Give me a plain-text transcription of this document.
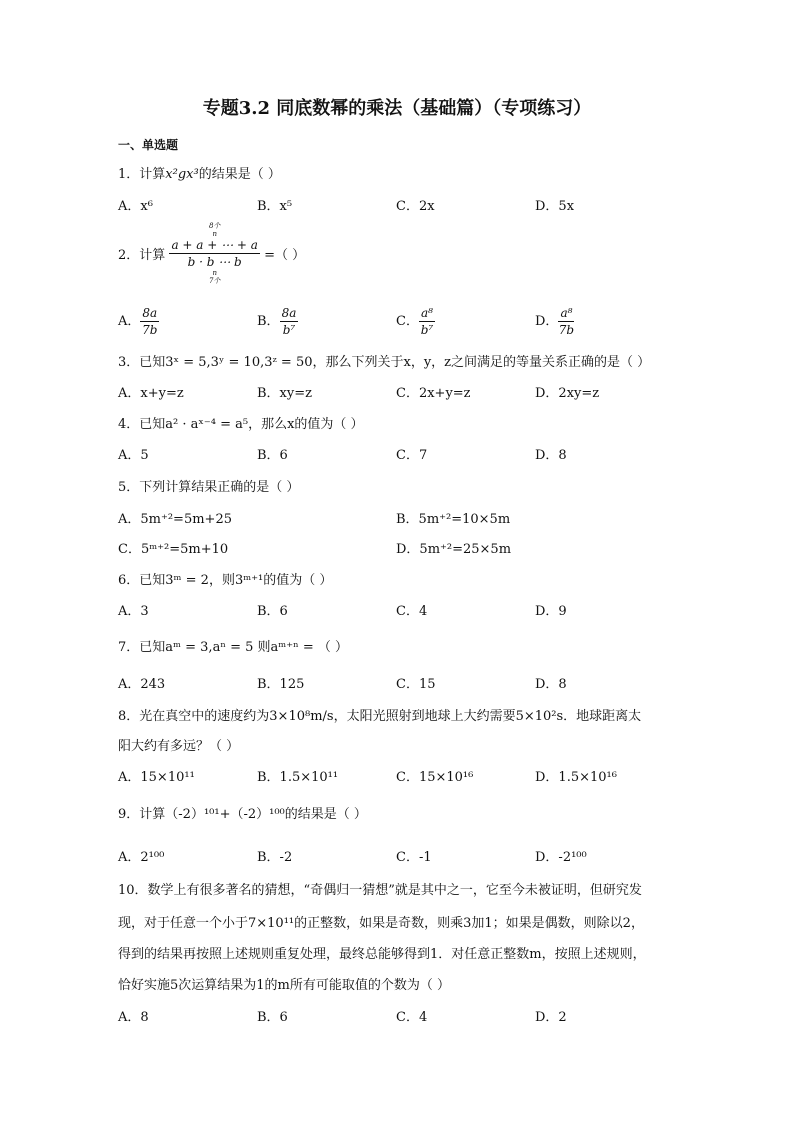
专题3.2 同底数幂的乘法（基础篇）（专项练习）
一、单选题
1．计算x²gx³的结果是（ ）
A．x⁶	B．x⁵	C．2x	D．5x
2．计算
8个
n
a + a + ⋯ + a
b · b ⋯ b
n
7个
=（ ）
A． $\frac{8a}{7b}$	B． $\frac{8a}{\text{b⁷}}$	C． $\frac{\text{a⁸}}{\text{b⁷}}$	D． $\frac{\text{a⁸}}{7b}$
3．已知3ˣ = 5,3ʸ = 10,3ᶻ = 50，那么下列关于x，y，z之间满足的等量关系正确的是（ ）
A．x+y=z	B．xy=z	C．2x+y=z	D．2xy=z
4．已知a² · aˣ⁻⁴ = a⁵，那么x的值为（ ）
A．5	B．6	C．7	D．8
5．下列计算结果正确的是（ ）
A．5m⁺²=5m+25	B．5m⁺²=10×5m
C．5ᵐ⁺²=5m+10	D．5m⁺²=25×5m
6．已知3ᵐ = 2，则3ᵐ⁺¹的值为（ ）
A．3	B．6	C．4	D．9
7．已知aᵐ = 3,aⁿ = 5 则aᵐ⁺ⁿ = （ ）
A．243	B．125	C．15	D．8
8．光在真空中的速度约为3×10⁸m/s，太阳光照射到地球上大约需要5×10²s．地球距离太
阳大约有多远？（ ）
A．15×10¹¹	B．1.5×10¹¹	C．15×10¹⁶	D．1.5×10¹⁶
9．计算（-2）¹⁰¹+（-2）¹⁰⁰的结果是（ ）
A．2¹⁰⁰	B．-2	C．-1	D．-2¹⁰⁰
10．数学上有很多著名的猜想，“奇偶归一猜想”就是其中之一，它至今未被证明，但研究发
现，对于任意一个小于7×10¹¹的正整数，如果是奇数，则乘3加1；如果是偶数，则除以2，
得到的结果再按照上述规则重复处理，最终总能够得到1．对任意正整数m，按照上述规则，
恰好实施5次运算结果为1的m所有可能取值的个数为（ ）
A．8	B．6	C．4	D．2
